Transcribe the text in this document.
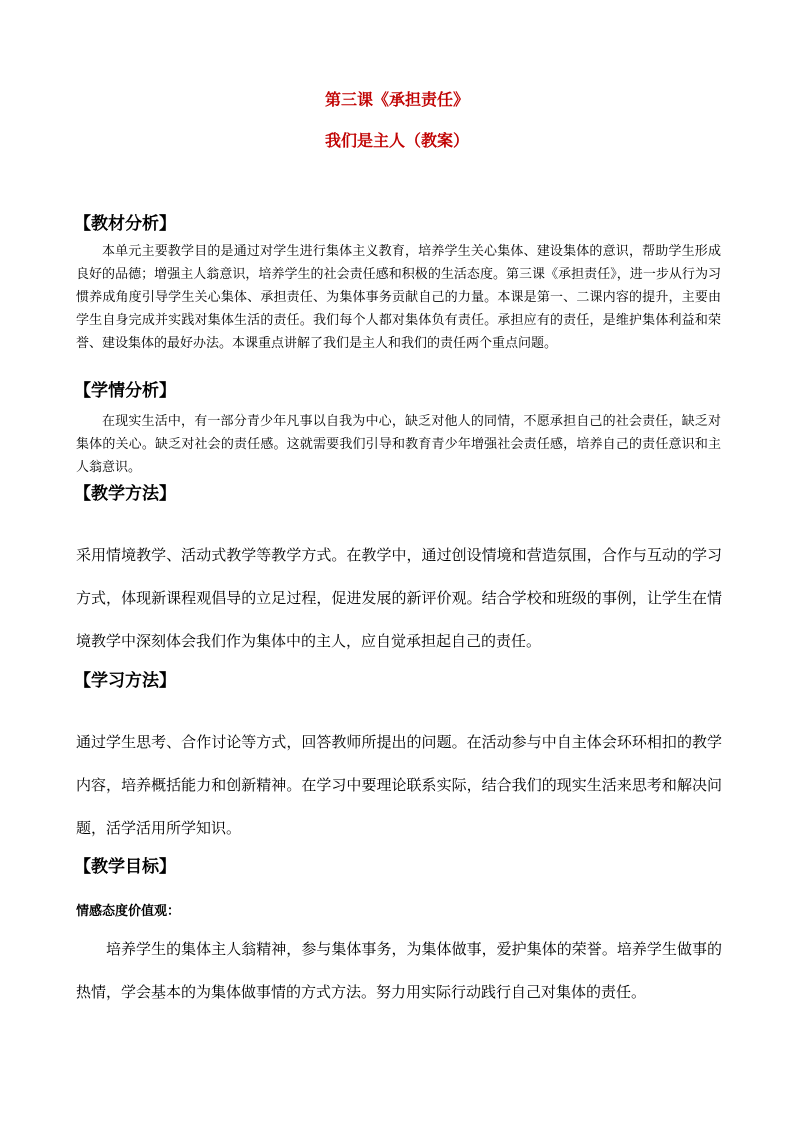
第三课《承担责任》
我们是主人（教案）
【教材分析】
本单元主要教学目的是通过对学生进行集体主义教育，培养学生关心集体、建设集体的意识，帮助学生形成良好的品德；增强主人翁意识，培养学生的社会责任感和积极的生活态度。第三课《承担责任》，进一步从行为习惯养成角度引导学生关心集体、承担责任、为集体事务贡献自己的力量。本课是第一、二课内容的提升，主要由学生自身完成并实践对集体生活的责任。我们每个人都对集体负有责任。承担应有的责任，是维护集体利益和荣誉、建设集体的最好办法。本课重点讲解了我们是主人和我们的责任两个重点问题。
【学情分析】
在现实生活中，有一部分青少年凡事以自我为中心，缺乏对他人的同情，不愿承担自己的社会责任，缺乏对集体的关心。缺乏对社会的责任感。这就需要我们引导和教育青少年增强社会责任感，培养自己的责任意识和主人翁意识。
【教学方法】
采用情境教学、活动式教学等教学方式。在教学中，通过创设情境和营造氛围，合作与互动的学习方式，体现新课程观倡导的立足过程，促进发展的新评价观。结合学校和班级的事例，让学生在情境教学中深刻体会我们作为集体中的主人，应自觉承担起自己的责任。
【学习方法】
通过学生思考、合作讨论等方式，回答教师所提出的问题。在活动参与中自主体会环环相扣的教学内容，培养概括能力和创新精神。在学习中要理论联系实际，结合我们的现实生活来思考和解决问题，活学活用所学知识。
【教学目标】
情感态度价值观：
培养学生的集体主人翁精神，参与集体事务，为集体做事，爱护集体的荣誉。培养学生做事的热情，学会基本的为集体做事情的方式方法。努力用实际行动践行自己对集体的责任。
